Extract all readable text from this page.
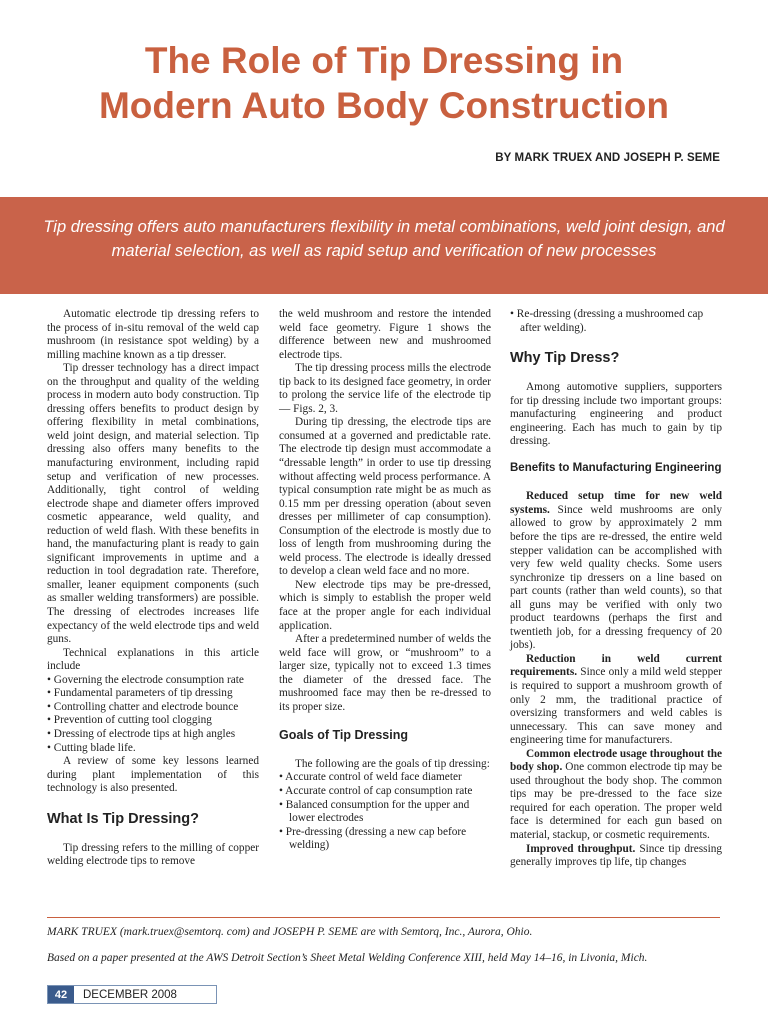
The Role of Tip Dressing in
Modern Auto Body Construction
BY MARK TRUEX AND JOSEPH P. SEME
Tip dressing offers auto manufacturers flexibility in metal combinations, weld joint design, and material selection, as well as rapid setup and verification of new processes

Automatic electrode tip dressing refers to the process of in-situ removal of the weld cap mushroom (in resistance spot welding) by a milling machine known as a tip dresser.

Tip dresser technology has a direct impact on the throughput and quality of the welding process in modern auto body construction. Tip dressing offers benefits to product design by offering flexibility in metal combinations, weld joint design, and material selection. Tip dressing also offers many benefits to the manufacturing environment, including rapid setup and verification of new processes. Additionally, tight control of welding electrode shape and diameter offers improved cosmetic appearance, weld quality, and reduction of weld flash. With these benefits in hand, the manufacturing plant is ready to gain significant improvements in uptime and a reduction in tool degradation rate. Therefore, smaller, leaner equipment components (such as smaller welding transformers) are possible. The dressing of electrodes increases life expectancy of the weld electrode tips and weld guns.

Technical explanations in this article include

• Governing the electrode consumption rate
• Fundamental parameters of tip dressing
• Controlling chatter and electrode bounce
• Prevention of cutting tool clogging
• Dressing of electrode tips at high angles
• Cutting blade life.

A review of some key lessons learned during plant implementation of this technology is also presented.

What Is Tip Dressing?

Tip dressing refers to the milling of copper welding electrode tips to remove

the weld mushroom and restore the intended weld face geometry. Figure 1 shows the difference between new and mushroomed electrode tips.

The tip dressing process mills the electrode tip back to its designed face geometry, in order to prolong the service life of the electrode tip — Figs. 2, 3.

During tip dressing, the electrode tips are consumed at a governed and predictable rate. The electrode tip design must accommodate a “dressable length” in order to use tip dressing without affecting weld process performance. A typical consumption rate might be as much as 0.15 mm per dressing operation (about seven dresses per millimeter of cap consumption). Consumption of the electrode is mostly due to loss of length from mushrooming during the weld process. The electrode is ideally dressed to develop a clean weld face and no more.

New electrode tips may be pre-dressed, which is simply to establish the proper weld face at the proper angle for each individual application.

After a predetermined number of welds the weld face will grow, or “mushroom” to a larger size, typically not to exceed 1.3 times the diameter of the dressed face. The mushroomed face may then be re-dressed to its proper size.

Goals of Tip Dressing

The following are the goals of tip dressing:

• Accurate control of weld face diameter
• Accurate control of cap consumption rate
• Balanced consumption for the upper and lower electrodes
• Pre-dressing (dressing a new cap before welding)
• Re-dressing (dressing a mushroomed cap after welding).
Why Tip Dress?

Among automotive suppliers, supporters for tip dressing include two important groups: manufacturing engineering and product engineering. Each has much to gain by tip dressing.

Benefits to Manufacturing Engineering

Reduced setup time for new weld systems. Since weld mushrooms are only allowed to grow by approximately 2 mm before the tips are re-dressed, the entire weld stepper validation can be accomplished with very few weld quality checks. Some users synchronize tip dressers on a line based on part counts (rather than weld counts), so that all guns may be verified with only two product teardowns (perhaps the first and twentieth job, for a dressing frequency of 20 jobs).

Reduction in weld current requirements. Since only a mild weld stepper is required to support a mushroom growth of only 2 mm, the traditional practice of oversizing transformers and weld cables is unnecessary. This can save money and engineering time for manufacturers.

Common electrode usage throughout the body shop. One common electrode tip may be used throughout the body shop. The common tips may be pre-dressed to the face size required for each operation. The proper weld face is determined for each gun based on material, stackup, or cosmetic requirements.

Improved throughput. Since tip dressing generally improves tip life, tip changes

MARK TRUEX (mark.truex@semtorq. com) and JOSEPH P. SEME are with Semtorq, Inc., Aurora, Ohio.
Based on a paper presented at the AWS Detroit Section’s Sheet Metal Welding Conference XIII, held May 14–16, in Livonia, Mich.
42	DECEMBER 2008
